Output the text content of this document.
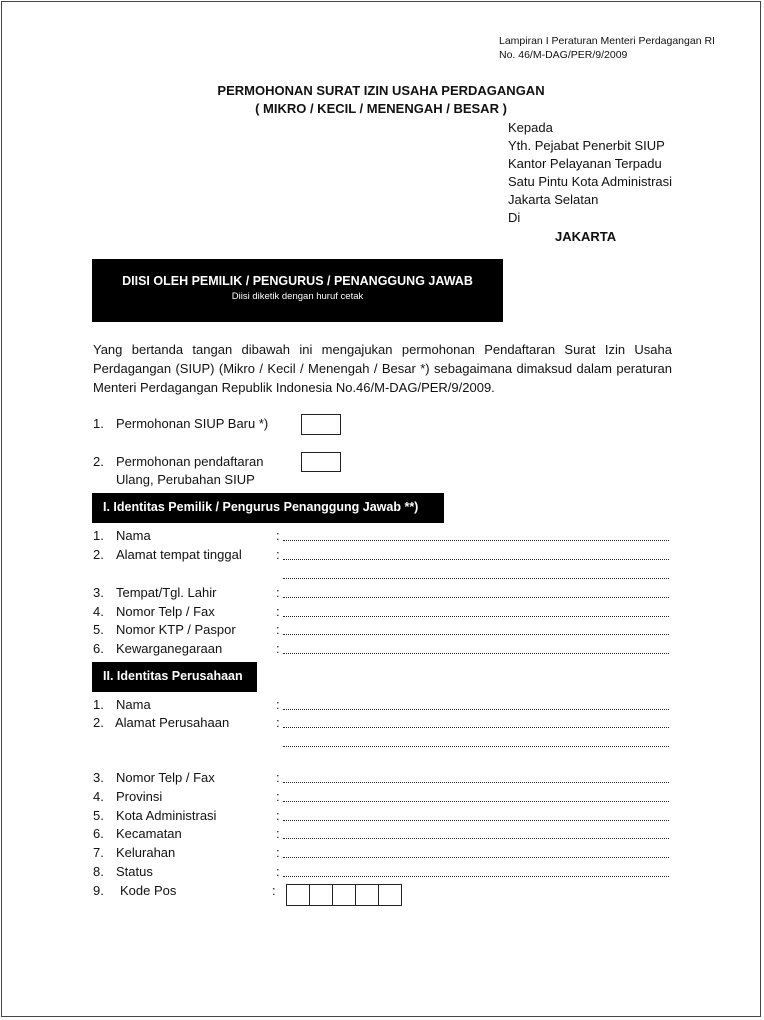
Lampiran I Peraturan Menteri Perdagangan RI
No. 46/M-DAG/PER/9/2009
PERMOHONAN SURAT IZIN USAHA PERDAGANGAN
( MIKRO / KECIL / MENENGAH / BESAR )
Kepada
Yth. Pejabat Penerbit SIUP
Kantor Pelayanan Terpadu
Satu Pintu Kota Administrasi
Jakarta Selatan
Di
JAKARTA
DIISI OLEH PEMILIK / PENGURUS / PENANGGUNG JAWAB
Diisi diketik dengan huruf cetak
Yang bertanda tangan dibawah ini mengajukan permohonan Pendaftaran Surat Izin Usaha Perdagangan (SIUP) (Mikro / Kecil / Menengah / Besar *) sebagaimana dimaksud dalam peraturan Menteri Perdagangan Republik Indonesia No.46/M-DAG/PER/9/2009.
1. Permohonan SIUP Baru *)
2. Permohonan pendaftaran
Ulang, Perubahan SIUP
I. Identitas Pemilik / Pengurus Penanggung Jawab **)
1. Nama	:
2. Alamat tempat tinggal	:
3. Tempat/Tgl. Lahir	:
4. Nomor Telp / Fax	:
5. Nomor KTP / Paspor	:
6. Kewarganegaraan	:
II. Identitas Perusahaan
1. Nama	:
2. Alamat Perusahaan	:
3. Nomor Telp / Fax	:
4. Provinsi	:
5. Kota Administrasi	:
6. Kecamatan	:
7. Kelurahan	:
8. Status	:
9. Kode Pos	:
